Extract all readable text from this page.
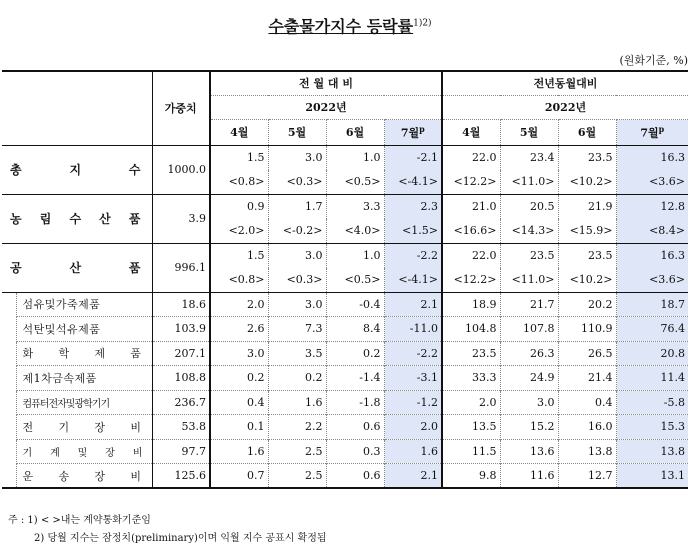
수출물가지수 등락률$^{1)2)}$
(원화기준, %)
		가중치	전 월 대 비				전년동월대비			
			2022년				2022년			
			4월	5월	6월	7월$^p$	4월	5월	6월	7월$^p$
총 지 수		1000.0	1.5	3.0	1.0	-2.1	22.0	23.4	23.5	16.3
			<0.8>	<0.3>	<0.5>	<-4.1>	<12.2>	<11.0>	<10.2>	<3.6>
농 림 수 산 품		3.9	0.9	1.7	3.3	2.3	21.0	20.5	21.9	12.8
			<2.0>	<-0.2>	<4.0>	<1.5>	<16.6>	<14.3>	<15.9>	<8.4>
공 산 품		996.1	1.5	3.0	1.0	-2.2	22.0	23.5	23.5	16.3
			<0.8>	<0.3>	<0.5>	<-4.1>	<12.2>	<11.0>	<10.2>	<3.6>
	섬유및가죽제품	18.6	2.0	3.0	-0.4	2.1	18.9	21.7	20.2	18.7
	석탄및석유제품	103.9	2.6	7.3	8.4	-11.0	104.8	107.8	110.9	76.4
	화 학 제 품	207.1	3.0	3.5	0.2	-2.2	23.5	26.3	26.5	20.8
	제1차금속제품	108.8	0.2	0.2	-1.4	-3.1	33.3	24.9	21.4	11.4
	컴퓨터전자및광학기기	236.7	0.4	1.6	-1.8	-1.2	2.0	3.0	0.4	-5.8
	전 기 장 비	53.8	0.1	2.2	0.6	2.0	13.5	15.2	16.0	15.3
	기 계 및 장 비	97.7	1.6	2.5	0.3	1.6	11.5	13.6	13.8	13.8
	운 송 장 비	125.6	0.7	2.5	0.6	2.1	9.8	11.6	12.7	13.1
주 : 1) < >내는 계약통화기준임
2) 당월 지수는 잠정치(preliminary)이며 익월 지수 공표시 확정됨
